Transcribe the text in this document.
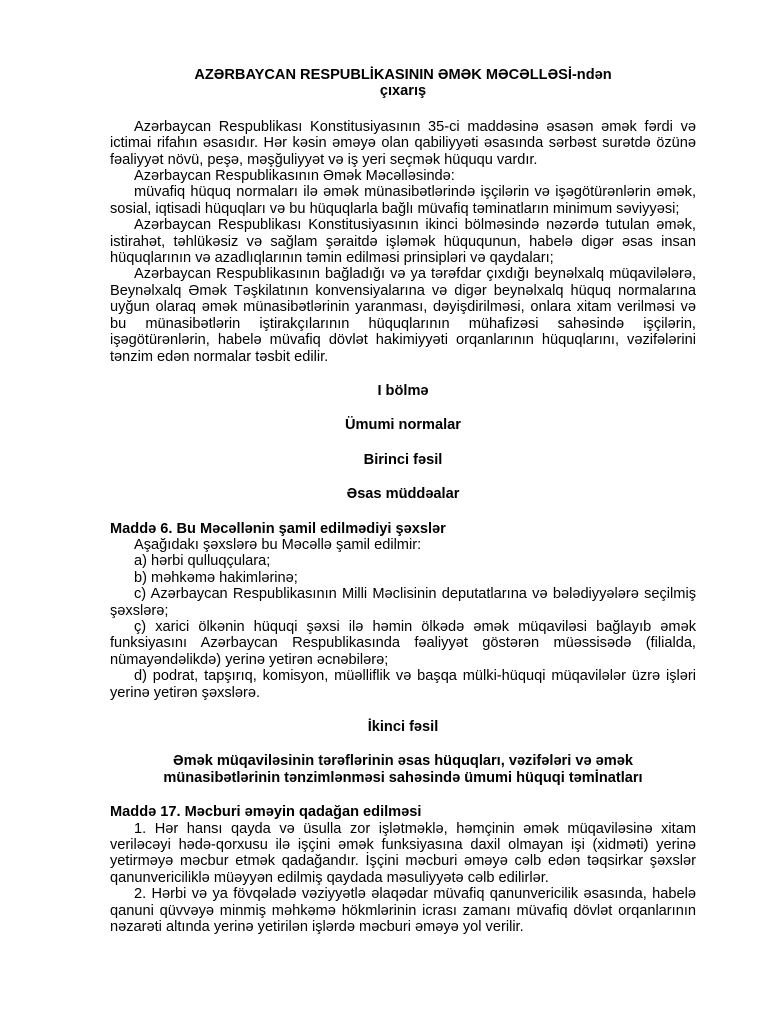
AZƏRBAYCAN RESPUBLİKASININ ƏMƏK MƏCƏLLƏSİ-ndən

çıxarış

Azərbaycan Respublikası Konstitusiyasının 35-ci maddəsinə əsasən əmək fərdi və ictimai rifahın əsasıdır. Hər kəsin əməyə olan qabiliyyəti əsasında sərbəst surətdə özünə fəaliyyət növü, peşə, məşğuliyyət və iş yeri seçmək hüququ vardır.

Azərbaycan Respublikasının Əmək Məcəlləsində:

müvafiq hüquq normaları ilə əmək münasibətlərində işçilərin və işəgötürənlərin əmək, sosial, iqtisadi hüquqları və bu hüquqlarla bağlı müvafiq təminatların minimum səviyyəsi;

Azərbaycan Respublikası Konstitusiyasının ikinci bölməsində nəzərdə tutulan əmək, istirahət, təhlükəsiz və sağlam şəraitdə işləmək hüququnun, habelə digər əsas insan hüquqlarının və azadlıqlarının təmin edilməsi prinsipləri və qaydaları;

Azərbaycan Respublikasının bağladığı və ya tərəfdar çıxdığı beynəlxalq müqavilələrə, Beynəlxalq Əmək Təşkilatının konvensiyalarına və digər beynəlxalq hüquq normalarına uyğun olaraq əmək münasibətlərinin yaranması, dəyişdirilməsi, onlara xitam verilməsi və bu münasibətlərin iştirakçılarının hüquqlarının mühafizəsi sahəsində işçilərin, işəgötürənlərin, habelə müvafiq dövlət hakimiyyəti orqanlarının hüquqlarını, vəzifələrini tənzim edən normalar təsbit edilir.

I bölmə

Ümumi normalar

Birinci fəsil

Əsas müddəalar

Maddə 6. Bu Məcəllənin şamil edilmədiyi şəxslər

Aşağıdakı şəxslərə bu Məcəllə şamil edilmir:

a) hərbi qulluqçulara;

b) məhkəmə hakimlərinə;

c) Azərbaycan Respublikasının Milli Məclisinin deputatlarına və bələdiyyələrə seçilmiş şəxslərə;

ç) xarici ölkənin hüquqi şəxsi ilə həmin ölkədə əmək müqaviləsi bağlayıb əmək funksiyasını Azərbaycan Respublikasında fəaliyyət göstərən müəssisədə (filialda, nümayəndəlikdə) yerinə yetirən əcnəbilərə;

d) podrat, tapşırıq, komisyon, müəlliflik və başqa mülki-hüquqi müqavilələr üzrə işləri yerinə yetirən şəxslərə.

İkinci fəsil

Əmək müqaviləsinin tərəflərinin əsas hüquqları, vəzifələri və əmək

münasibətlərinin tənzimlənməsi sahəsində ümumi hüquqi təmİnatları

Maddə 17. Məcburi əməyin qadağan edilməsi

1. Hər hansı qayda və üsulla zor işlətməklə, həmçinin əmək müqaviləsinə xitam veriləcəyi hədə-qorxusu ilə işçini əmək funksiyasına daxil olmayan işi (xidməti) yerinə yetirməyə məcbur etmək qadağandır. İşçini məcburi əməyə cəlb edən təqsirkar şəxslər qanunvericiliklə müəyyən edilmiş qaydada məsuliyyətə cəlb edilirlər.

2. Hərbi və ya fövqəladə vəziyyətlə əlaqədar müvafiq qanunvericilik əsasında, habelə qanuni qüvvəyə minmiş məhkəmə hökmlərinin icrası zamanı müvafiq dövlət orqanlarının nəzarəti altında yerinə yetirilən işlərdə məcburi əməyə yol verilir.
